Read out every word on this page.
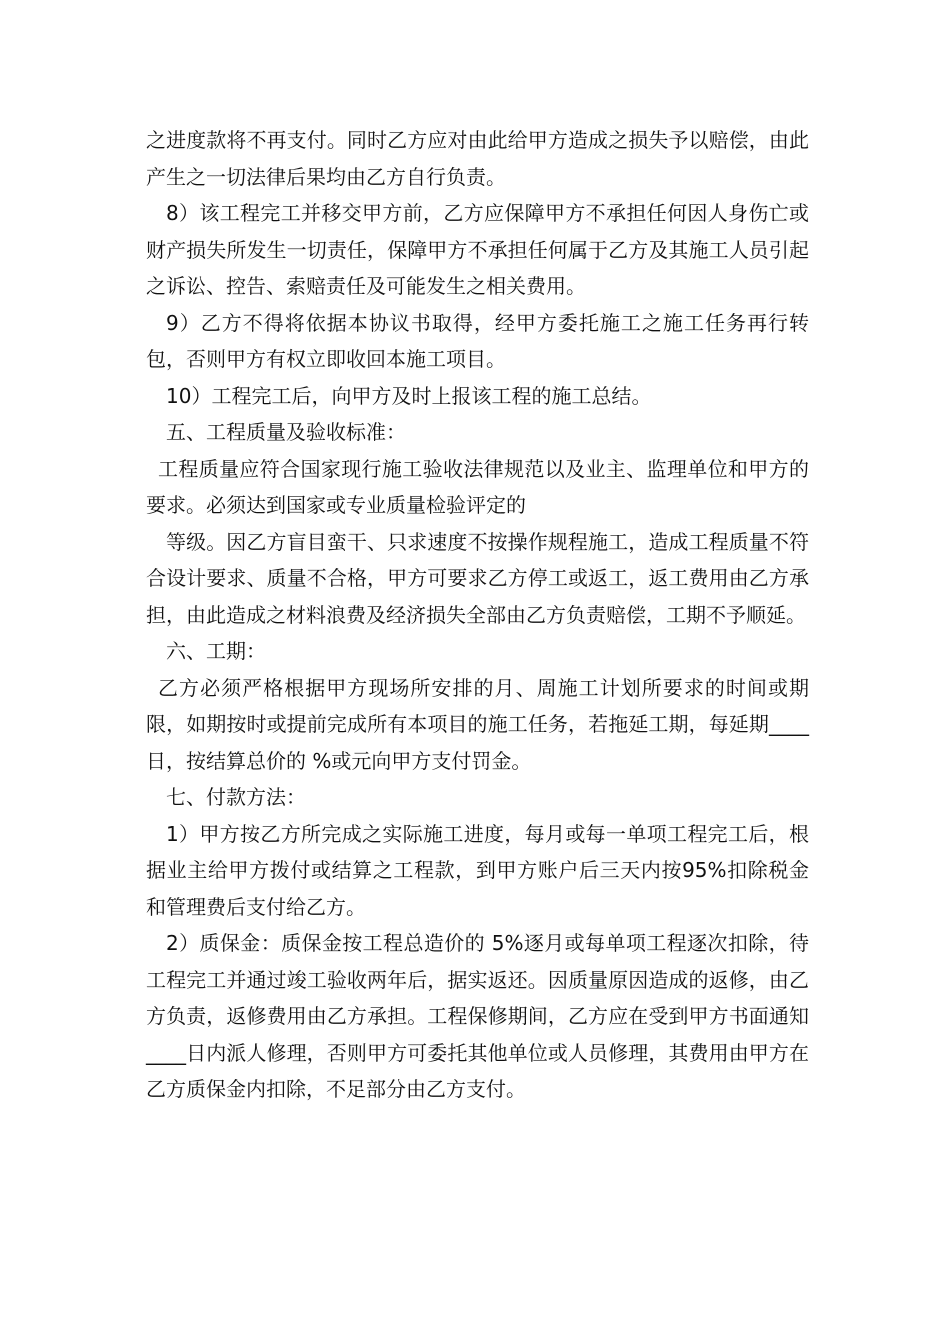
之进度款将不再支付。同时乙方应对由此给甲方造成之损失予以赔偿，由此产生之一切法律后果均由乙方自行负责。

8）该工程完工并移交甲方前，乙方应保障甲方不承担任何因人身伤亡或财产损失所发生一切责任，保障甲方不承担任何属于乙方及其施工人员引起之诉讼、控告、索赔责任及可能发生之相关费用。

9）乙方不得将依据本协议书取得，经甲方委托施工之施工任务再行转包，否则甲方有权立即收回本施工项目。

10）工程完工后，向甲方及时上报该工程的施工总结。

五、工程质量及验收标准：

工程质量应符合国家现行施工验收法律规范以及业主、监理单位和甲方的要求。必须达到国家或专业质量检验评定的

等级。因乙方盲目蛮干、只求速度不按操作规程施工，造成工程质量不符合设计要求、质量不合格，甲方可要求乙方停工或返工，返工费用由乙方承担，由此造成之材料浪费及经济损失全部由乙方负责赔偿，工期不予顺延。

六、工期：

乙方必须严格根据甲方现场所安排的月、周施工计划所要求的时间或期限，如期按时或提前完成所有本项目的施工任务，若拖延工期，每延期____日，按结算总价的 %或元向甲方支付罚金。

七、付款方法：

1）甲方按乙方所完成之实际施工进度，每月或每一单项工程完工后，根据业主给甲方拨付或结算之工程款，到甲方账户后三天内按95%扣除税金和管理费后支付给乙方。

2）质保金：质保金按工程总造价的 5%逐月或每单项工程逐次扣除，待工程完工并通过竣工验收两年后，据实返还。因质量原因造成的返修，由乙方负责，返修费用由乙方承担。工程保修期间，乙方应在受到甲方书面通知____日内派人修理，否则甲方可委托其他单位或人员修理，其费用由甲方在乙方质保金内扣除，不足部分由乙方支付。
